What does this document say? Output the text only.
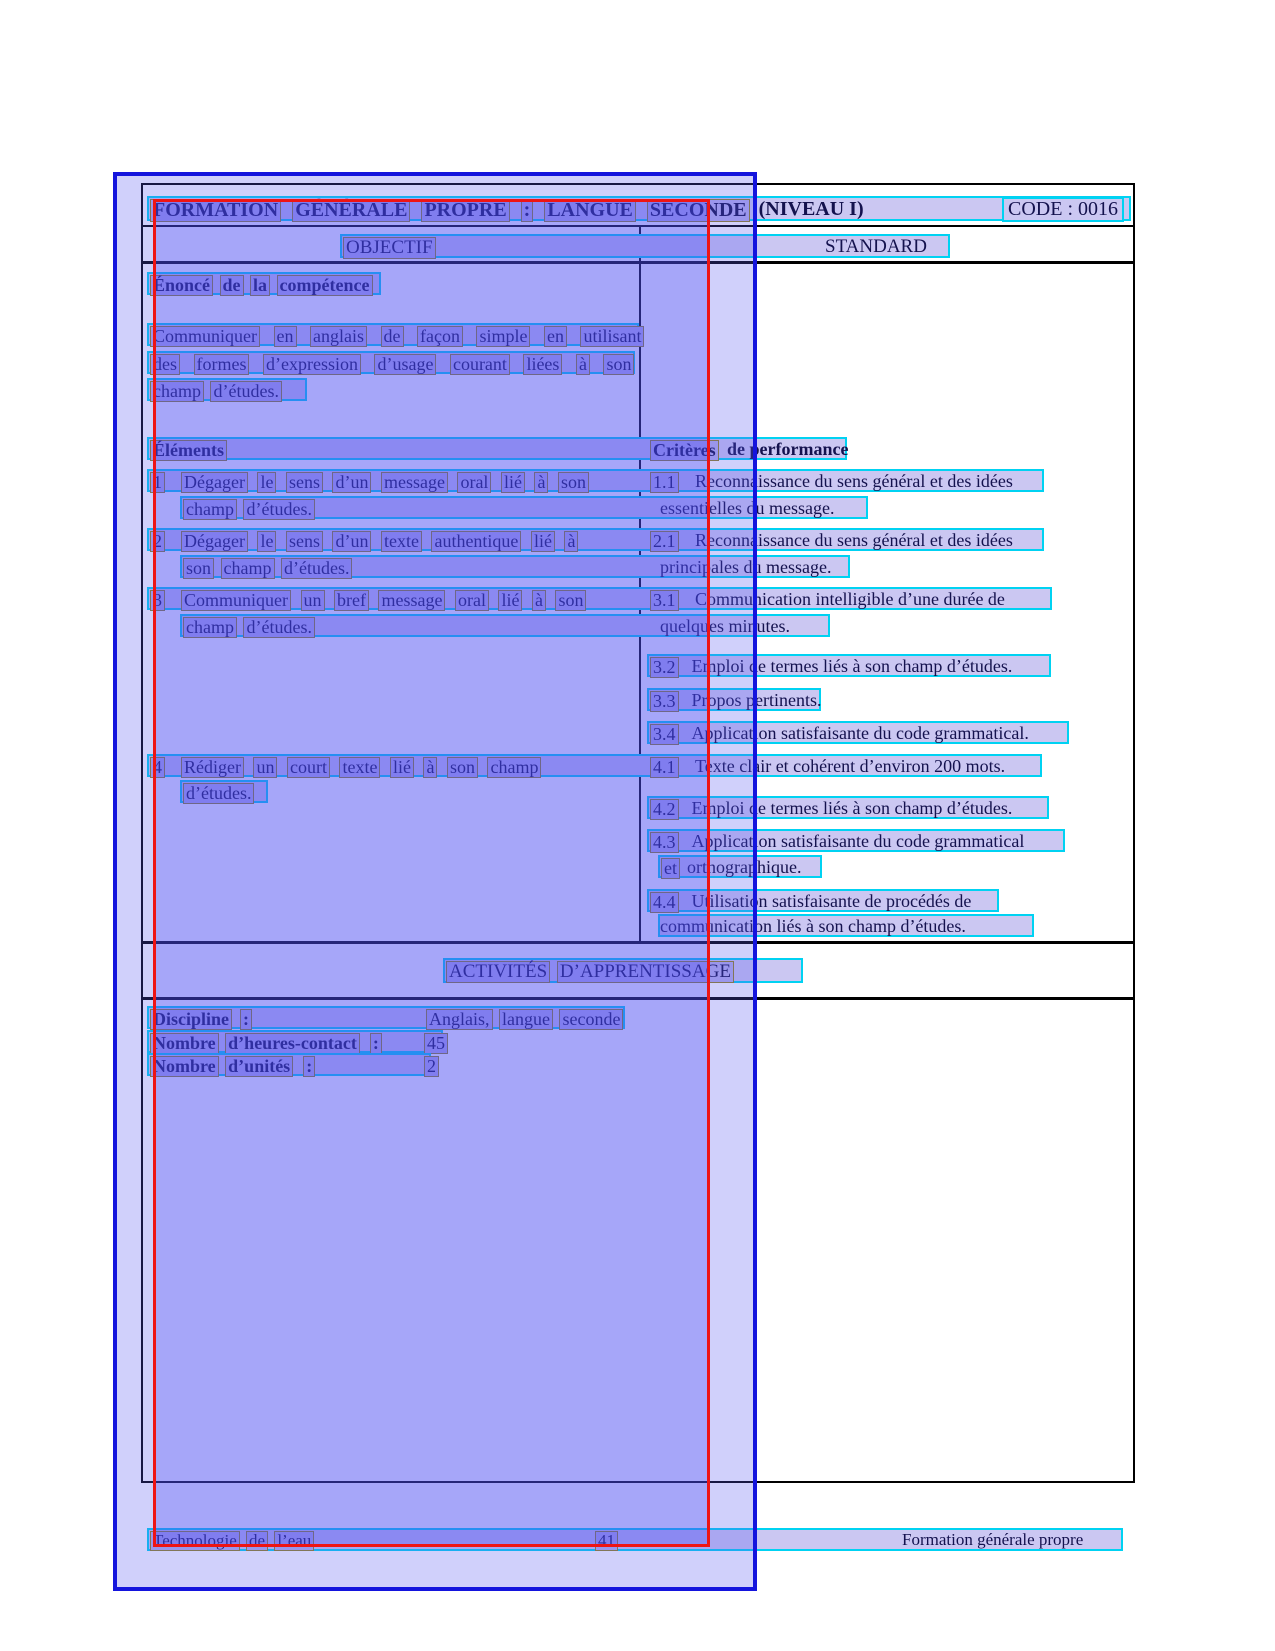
FORMATION GÉNÉRALE PROPRE : LANGUE SECONDE (NIVEAU I)	CODE : 0016
OBJECTIF	STANDARD
Énoncé de la compétence
Communiquer en anglais de façon simple en utilisant
des formes d’expression d’usage courant liées à son
champ d’études.
Éléments	Critères de performance
1 Dégager le sens d’un message oral lié à son	1.1 Reconnaissance du sens général et des idées
champ d’études.	essentielles du message.
2 Dégager le sens d’un texte authentique lié à	2.1 Reconnaissance du sens général et des idées
son champ d’études.	principales du message.
3 Communiquer un bref message oral lié à son	3.1 Communication intelligible d’une durée de
champ d’études.	quelques minutes.
3.2 Emploi de termes liés à son champ d’études.
3.3 Propos pertinents.
3.4 Application satisfaisante du code grammatical.
4 Rédiger un court texte lié à son champ	4.1 Texte clair et cohérent d’environ 200 mots.
d’études.
4.2 Emploi de termes liés à son champ d’études.
4.3 Application satisfaisante du code grammatical
et orthographique.
4.4 Utilisation satisfaisante de procédés de
communication liés à son champ d’études.
ACTIVITÉS D’APPRENTISSAGE
Discipline :	Anglais, langue seconde
Nombre d’heures-contact :	45
Nombre d’unités :	2
Technologie de l’eau	41	Formation générale propre
